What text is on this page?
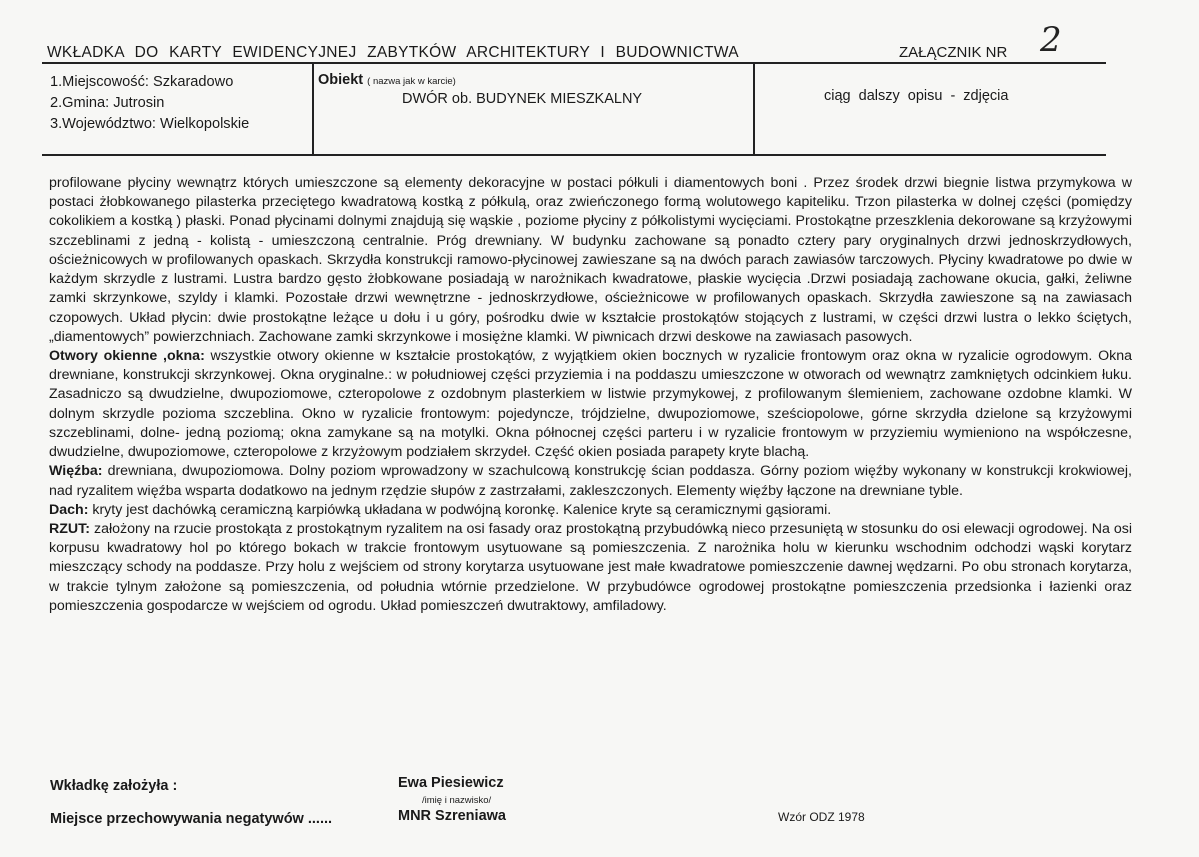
WKŁADKA DO KARTY EWIDENCYJNEJ ZABYTKÓW ARCHITEKTURY I BUDOWNICTWA	ZAŁĄCZNIK NR 2
1.Miejscowość: Szkaradowo
2.Gmina: Jutrosin
3.Województwo: Wielkopolskie
Obiekt ( nazwa jak w karcie)
DWÓR ob. BUDYNEK MIESZKALNY	ciąg dalszy opisu - zdjęcia

profilowane płyciny wewnątrz których umieszczone są elementy dekoracyjne w postaci półkuli i diamentowych boni . Przez środek drzwi biegnie listwa przymykowa w postaci żłobkowanego pilasterka przeciętego kwadratową kostką z półkulą, oraz zwieńczonego formą wolutowego kapiteliku. Trzon pilasterka w dolnej części (pomiędzy cokolikiem a kostką ) płaski. Ponad płycinami dolnymi znajdują się wąskie , poziome płyciny z półkolistymi wycięciami. Prostokątne przeszklenia dekorowane są krzyżowymi szczeblinami z jedną - kolistą - umieszczoną centralnie. Próg drewniany. W budynku zachowane są ponadto cztery pary oryginalnych drzwi jednoskrzydłowych, ościeżnicowych w profilowanych opaskach. Skrzydła konstrukcji ramowo-płycinowej zawieszane są na dwóch parach zawiasów tarczowych. Płyciny kwadratowe po dwie w każdym skrzydle z lustrami. Lustra bardzo gęsto żłobkowane posiadają w narożnikach kwadratowe, płaskie wycięcia .Drzwi posiadają zachowane okucia, gałki, żeliwne zamki skrzynkowe, szyldy i klamki. Pozostałe drzwi wewnętrzne - jednoskrzydłowe, ościeżnicowe w profilowanych opaskach. Skrzydła zawieszone są na zawiasach czopowych. Układ płycin: dwie prostokątne leżące u dołu i u góry, pośrodku dwie w kształcie prostokątów stojących z lustrami, w części drzwi lustra o lekko ściętych, „diamentowych” powierzchniach. Zachowane zamki skrzynkowe i mosiężne klamki. W piwnicach drzwi deskowe na zawiasach pasowych.

Otwory okienne ,okna: wszystkie otwory okienne w kształcie prostokątów, z wyjątkiem okien bocznych w ryzalicie frontowym oraz okna w ryzalicie ogrodowym. Okna drewniane, konstrukcji skrzynkowej. Okna oryginalne.: w południowej części przyziemia i na poddaszu umieszczone w otworach od wewnątrz zamkniętych odcinkiem łuku. Zasadniczo są dwudzielne, dwupoziomowe, czteropolowe z ozdobnym plasterkiem w listwie przymykowej, z profilowanym ślemieniem, zachowane ozdobne klamki. W dolnym skrzydle pozioma szczeblina. Okno w ryzalicie frontowym: pojedyncze, trójdzielne, dwupoziomowe, sześciopolowe, górne skrzydła dzielone są krzyżowymi szczeblinami, dolne- jedną poziomą; okna zamykane są na motylki. Okna północnej części parteru i w ryzalicie frontowym w przyziemiu wymieniono na współczesne, dwudzielne, dwupoziomowe, czteropolowe z krzyżowym podziałem skrzydeł. Część okien posiada parapety kryte blachą.

Więźba: drewniana, dwupoziomowa. Dolny poziom wprowadzony w szachulcową konstrukcję ścian poddasza. Górny poziom więźby wykonany w konstrukcji krokwiowej, nad ryzalitem więźba wsparta dodatkowo na jednym rzędzie słupów z zastrzałami, zakleszczonych. Elementy więźby łączone na drewniane tyble.

Dach: kryty jest dachówką ceramiczną karpiówką układana w podwójną koronkę. Kalenice kryte są ceramicznymi gąsiorami.

RZUT: założony na rzucie prostokąta z prostokątnym ryzalitem na osi fasady oraz prostokątną przybudówką nieco przesuniętą w stosunku do osi elewacji ogrodowej. Na osi korpusu kwadratowy hol po którego bokach w trakcie frontowym usytuowane są pomieszczenia. Z narożnika holu w kierunku wschodnim odchodzi wąski korytarz mieszczący schody na poddasze. Przy holu z wejściem od strony korytarza usytuowane jest małe kwadratowe pomieszczenie dawnej wędzarni. Po obu stronach korytarza, w trakcie tylnym założone są pomieszczenia, od południa wtórnie przedzielone. W przybudówce ogrodowej prostokątne pomieszczenia przedsionka i łazienki oraz pomieszczenia gospodarcze w wejściem od ogrodu. Układ pomieszczeń dwutraktowy, amfiladowy.

Wkładkę założyła :	Ewa Piesiewicz
/imię i nazwisko/
Miejsce przechowywania negatywów ......	MNR Szreniawa	Wzór ODZ 1978
